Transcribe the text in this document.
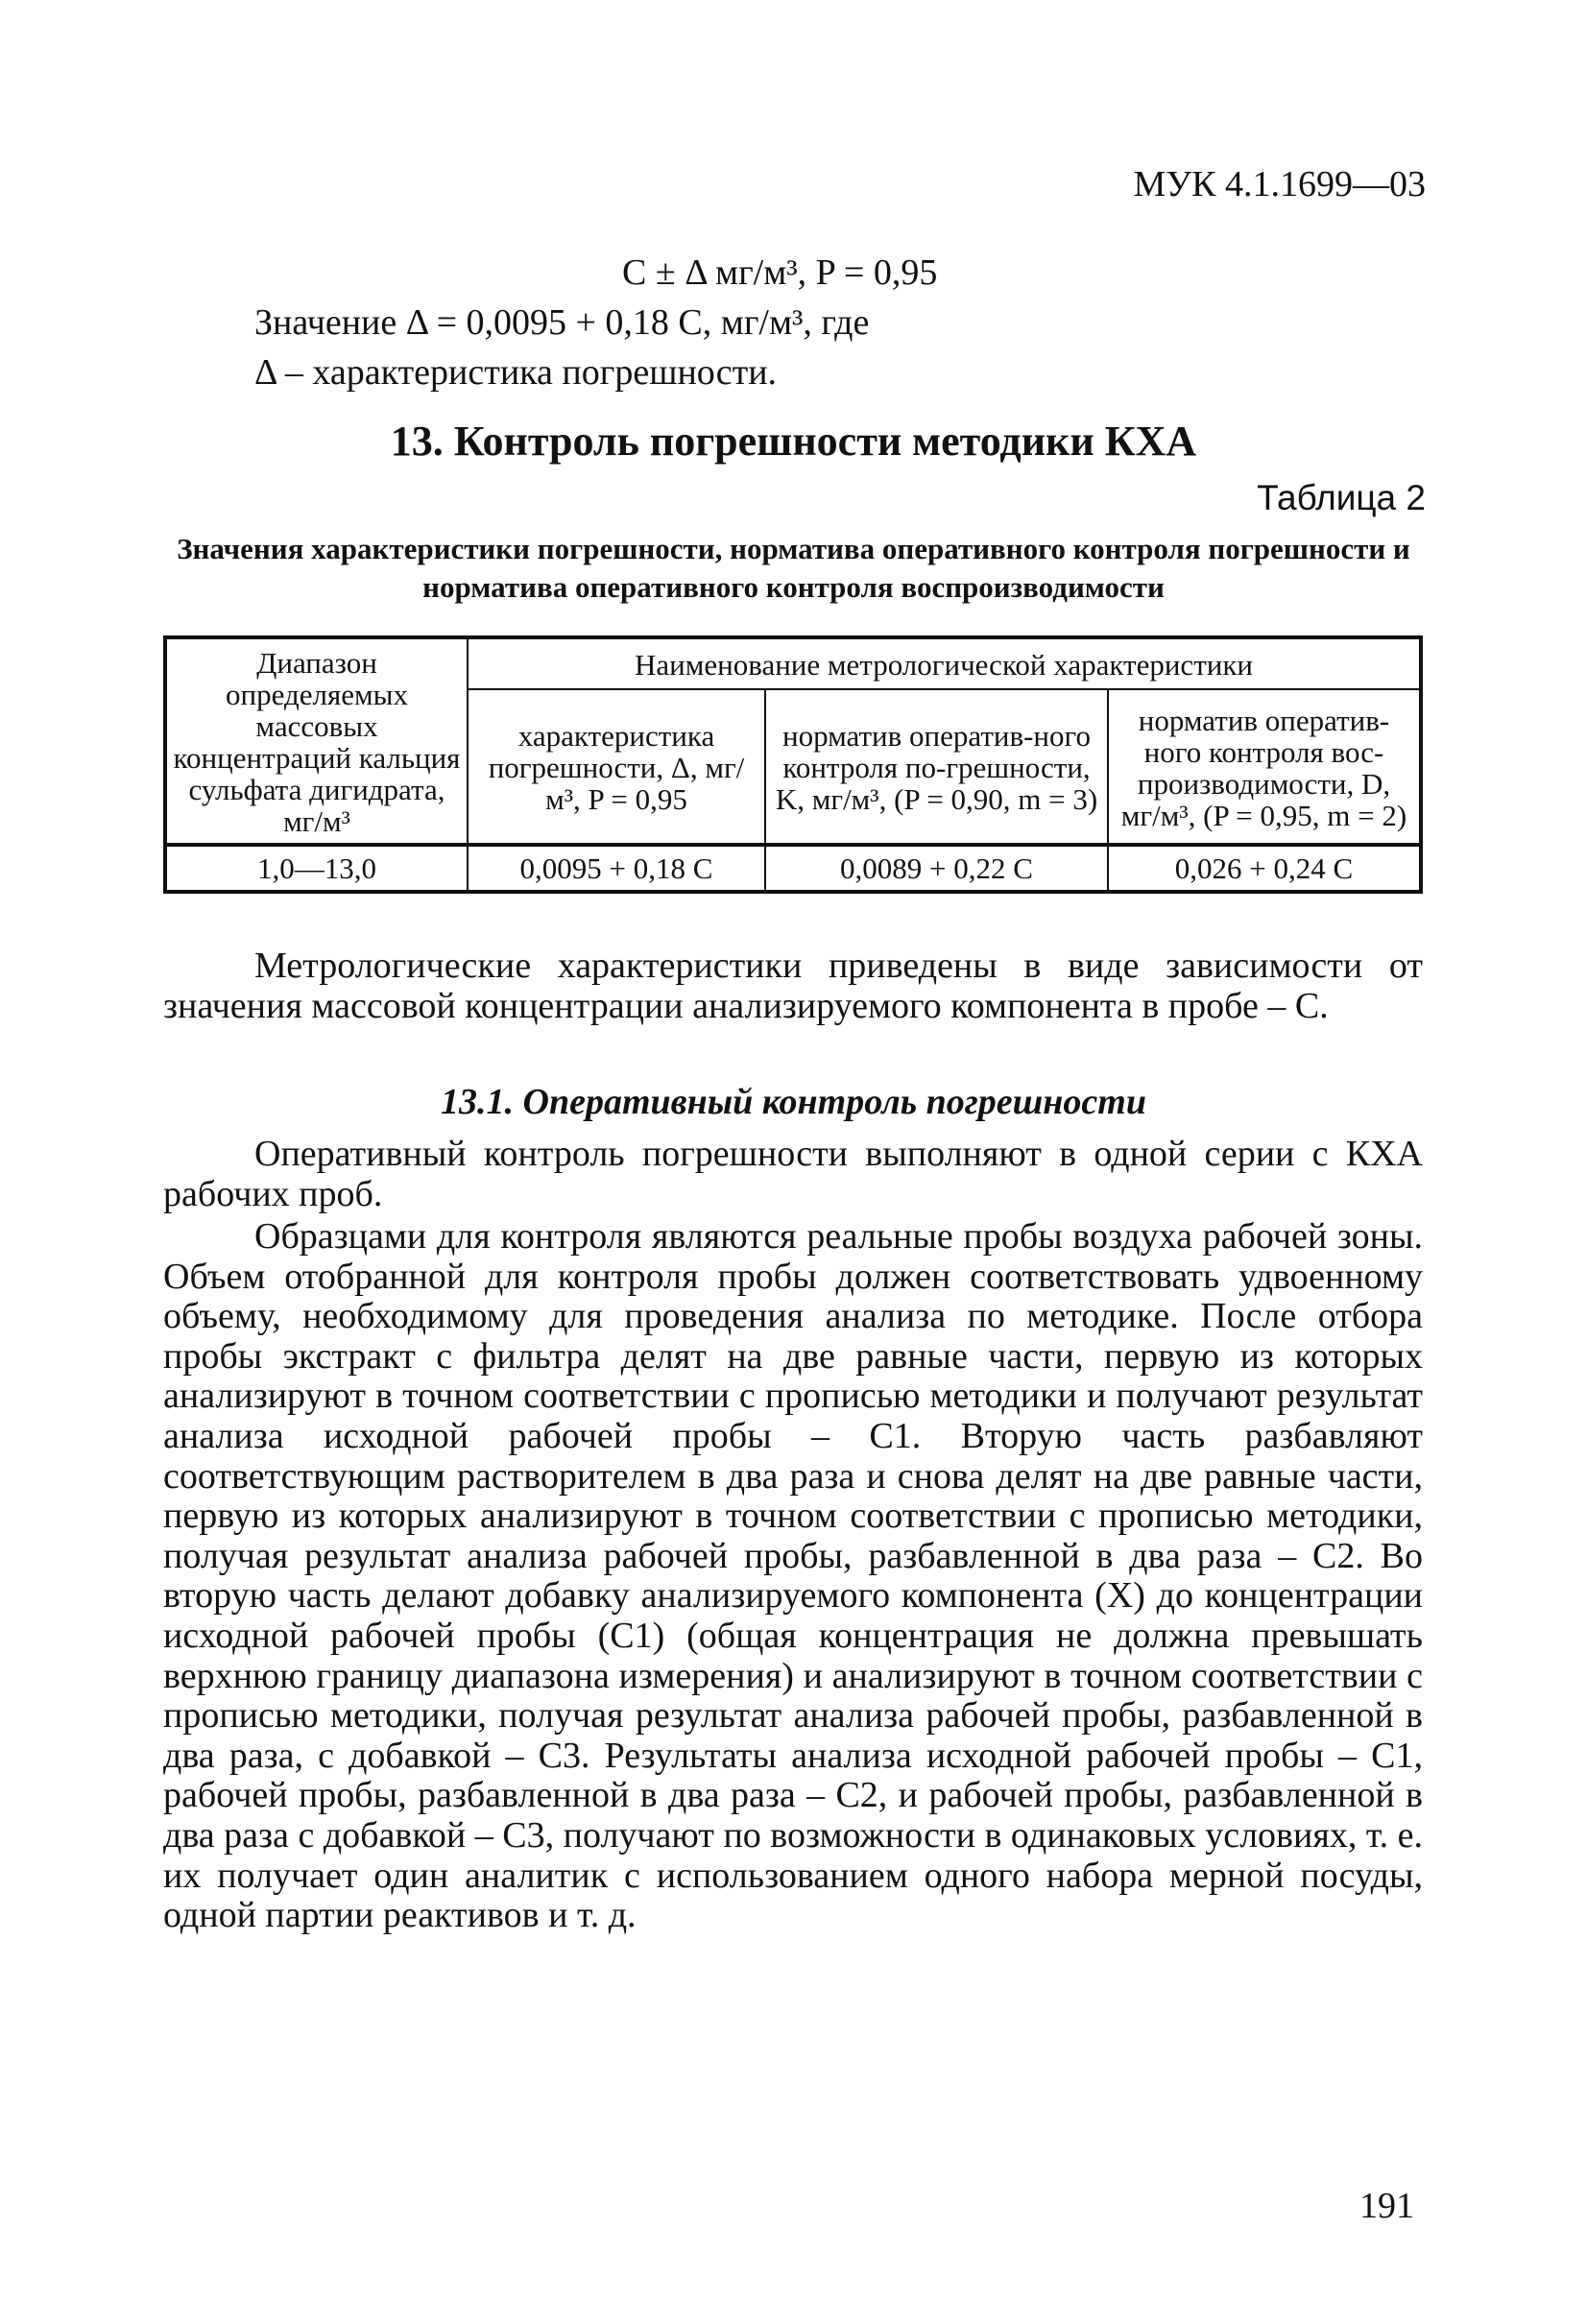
МУК 4.1.1699—03
C ± Δ мг/м³, P = 0,95
Значение Δ = 0,0095 + 0,18 C, мг/м³, где
Δ – характеристика погрешности.
13. Контроль погрешности методики КХА
Таблица 2
Значения характеристики погрешности, норматива оперативного контроля погрешности и норматива оперативного контроля воспроизводимости
Диапазон определяемых массовых концентраций кальция сульфата дигидрата, мг/м³	Наименование метрологической характеристики		
	характеристика погрешности, Δ, мг/м³, P = 0,95	норматив оператив-ного контроля по-грешности, K, мг/м³, (P = 0,90, m = 3)	норматив оператив-ного контроля вос-производимости, D, мг/м³, (P = 0,95, m = 2)
1,0—13,0	0,0095 + 0,18 C	0,0089 + 0,22 C	0,026 + 0,24 C
Метрологические характеристики приведены в виде зависимости от значения массовой концентрации анализируемого компонента в пробе – C.
13.1. Оперативный контроль погрешности
Оперативный контроль погрешности выполняют в одной серии с КХА рабочих проб.
Образцами для контроля являются реальные пробы воздуха рабочей зоны. Объем отобранной для контроля пробы должен соответствовать удвоенному объему, необходимому для проведения анализа по методике. После отбора пробы экстракт с фильтра делят на две равные части, первую из которых анализируют в точном соответствии с прописью методики и получают результат анализа исходной рабочей пробы – C1. Вторую часть разбавляют соответствующим растворителем в два раза и снова делят на две равные части, первую из которых анализируют в точном соответствии с прописью методики, получая результат анализа рабочей пробы, разбавленной в два раза – C2. Во вторую часть делают добавку анализируемого компонента (X) до концентрации исходной рабочей пробы (C1) (общая концентрация не должна превышать верхнюю границу диапазона измерения) и анализируют в точном соответствии с прописью методики, получая результат анализа рабочей пробы, разбавленной в два раза, с добавкой – C3. Результаты анализа исходной рабочей пробы – C1, рабочей пробы, разбавленной в два раза – C2, и рабочей пробы, разбавленной в два раза с добавкой – C3, получают по возможности в одинаковых условиях, т. е. их получает один аналитик с использованием одного набора мерной посуды, одной партии реактивов и т. д.
191
